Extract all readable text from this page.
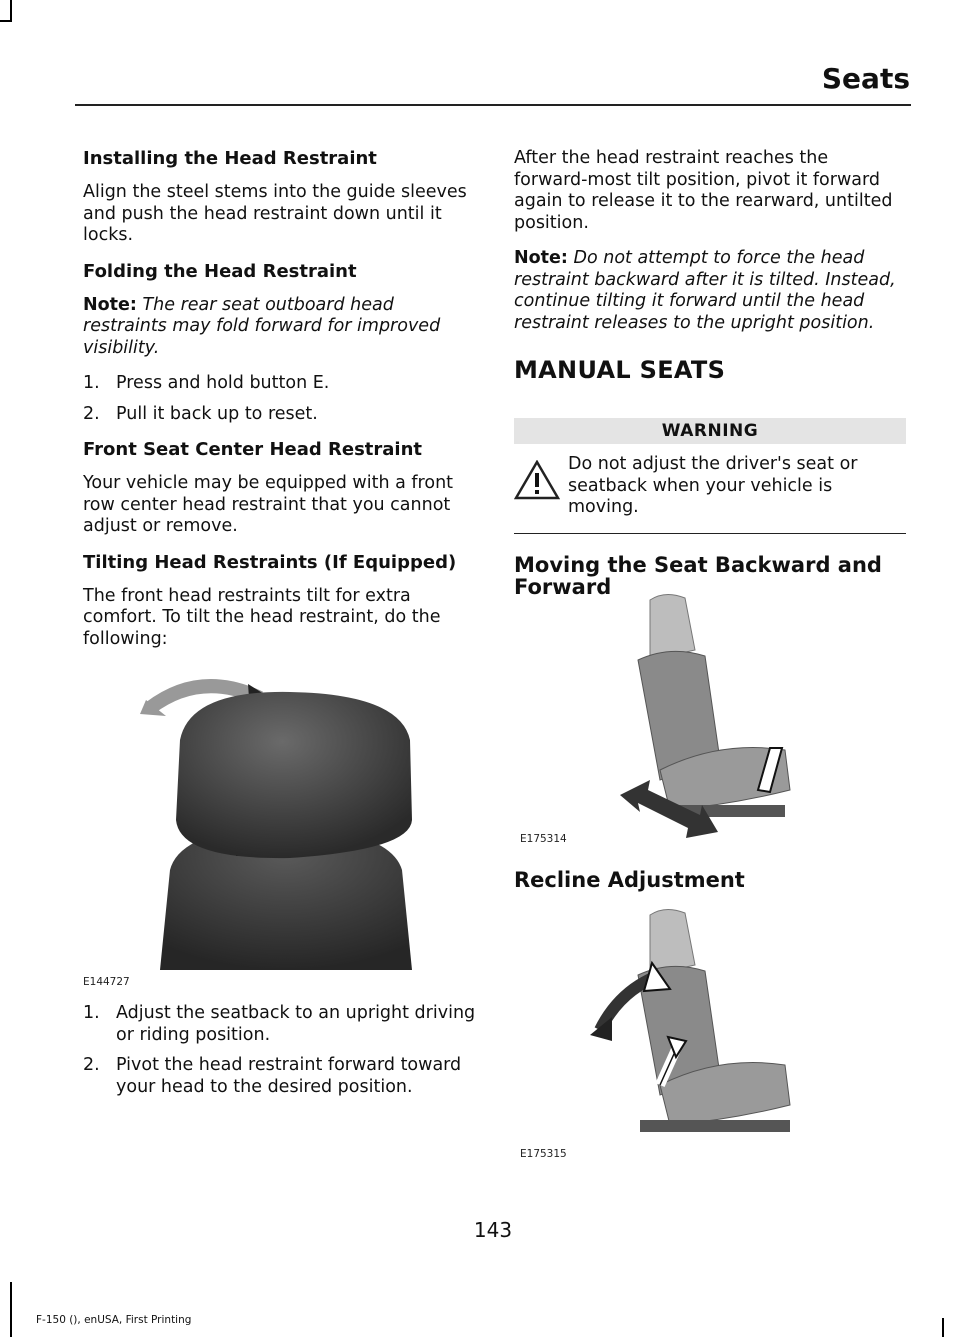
Seats
Installing the Head Restraint

Align the steel stems into the guide sleeves and push the head restraint down until it locks.

Folding the Head Restraint

Note: The rear seat outboard head restraints may fold forward for improved visibility.

1. Press and hold button E.
2. Pull it back up to reset.
Front Seat Center Head Restraint

Your vehicle may be equipped with a front row center head restraint that you cannot adjust or remove.

Tilting Head Restraints (If Equipped)

The front head restraints tilt for extra comfort. To tilt the head restraint, do the following:

E144727
1. Adjust the seatback to an upright driving or riding position.
2. Pivot the head restraint forward toward your head to the desired position.

After the head restraint reaches the forward-most tilt position, pivot it forward again to release it to the rearward, untilted position.

Note: Do not attempt to force the head restraint backward after it is tilted. Instead, continue tilting it forward until the head restraint releases to the upright position.

MANUAL SEATS
WARNING

Do not adjust the driver's seat or seatback when your vehicle is moving.

Moving the Seat Backward and Forward
E175314
Recline Adjustment
E175315
143
F-150 (), enUSA, First Printing
